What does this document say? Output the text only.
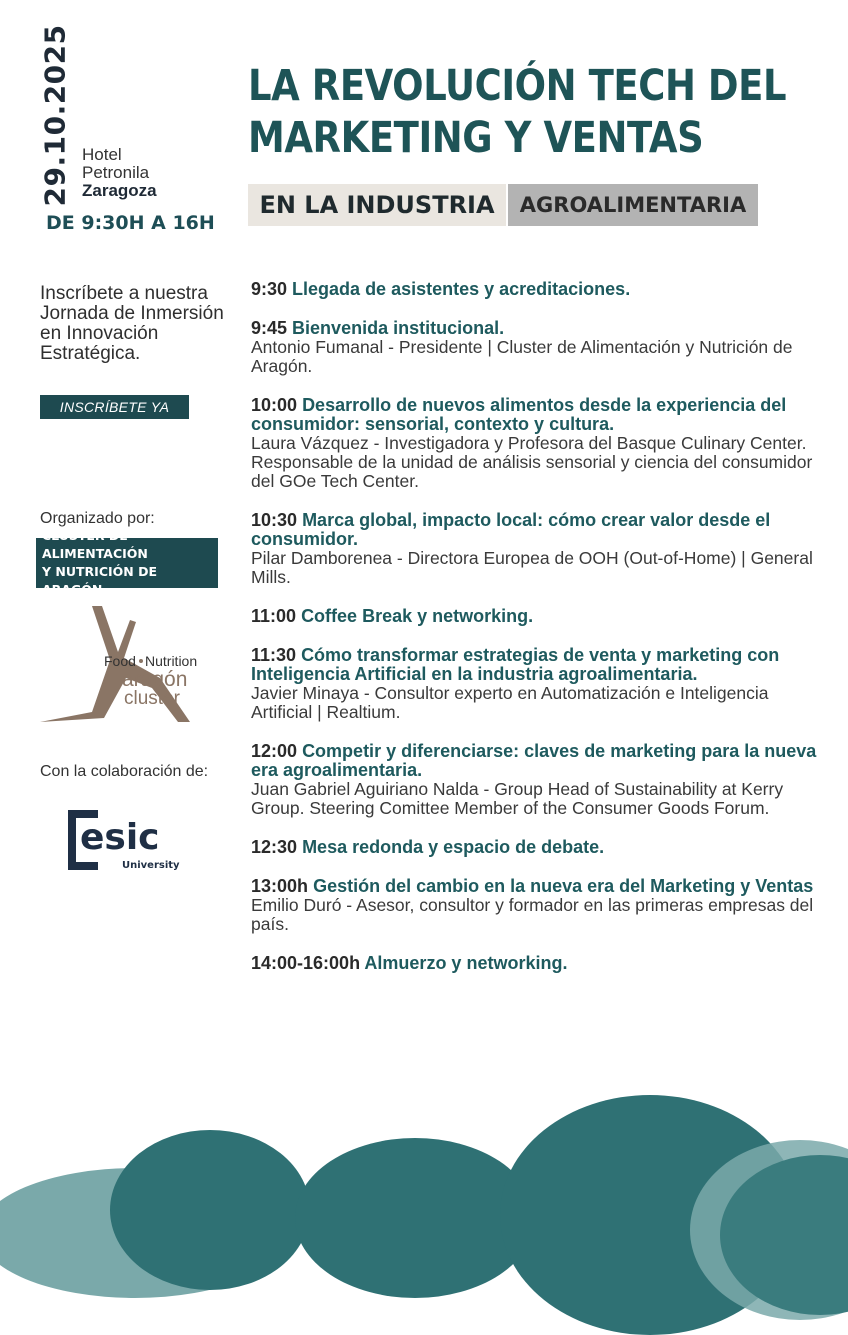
29.10.2025 Hotel
Petronila
Zaragoza
DE 9:30H A 16H
LA REVOLUCIÓN TECH DEL
MARKETING Y VENTAS
EN LA INDUSTRIA	AGROALIMENTARIA
Inscríbete a nuestra Jornada de Inmersión en Innovación Estratégica.
INSCRÍBETE YA
Organizado por:
CLUSTER DE ALIMENTACIÓN
Y NUTRICIÓN DE ARAGÓN
Food Nutrition
aragón
cluster
Con la colaboración de:
esic
University
9:30 Llegada de asistentes y acreditaciones.
9:45 Bienvenida institucional.
Antonio Fumanal - Presidente | Cluster de Alimentación y Nutrición de Aragón.
10:00 Desarrollo de nuevos alimentos desde la experiencia del consumidor: sensorial, contexto y cultura.
Laura Vázquez - Investigadora y Profesora del Basque Culinary Center. Responsable de la unidad de análisis sensorial y ciencia del consumidor del GOe Tech Center.
10:30 Marca global, impacto local: cómo crear valor desde el consumidor.
Pilar Damborenea - Directora Europea de OOH (Out-of-Home) | General Mills.
11:00 Coffee Break y networking.
11:30 Cómo transformar estrategias de venta y marketing con Inteligencia Artificial en la industria agroalimentaria.
Javier Minaya - Consultor experto en Automatización e Inteligencia Artificial | Realtium.
12:00 Competir y diferenciarse: claves de marketing para la nueva era agroalimentaria.
Juan Gabriel Aguiriano Nalda - Group Head of Sustainability at Kerry Group. Steering Comittee Member of the Consumer Goods Forum.
12:30 Mesa redonda y espacio de debate.
13:00h Gestión del cambio en la nueva era del Marketing y Ventas
Emilio Duró - Asesor, consultor y formador en las primeras empresas del país.
14:00-16:00h Almuerzo y networking.
